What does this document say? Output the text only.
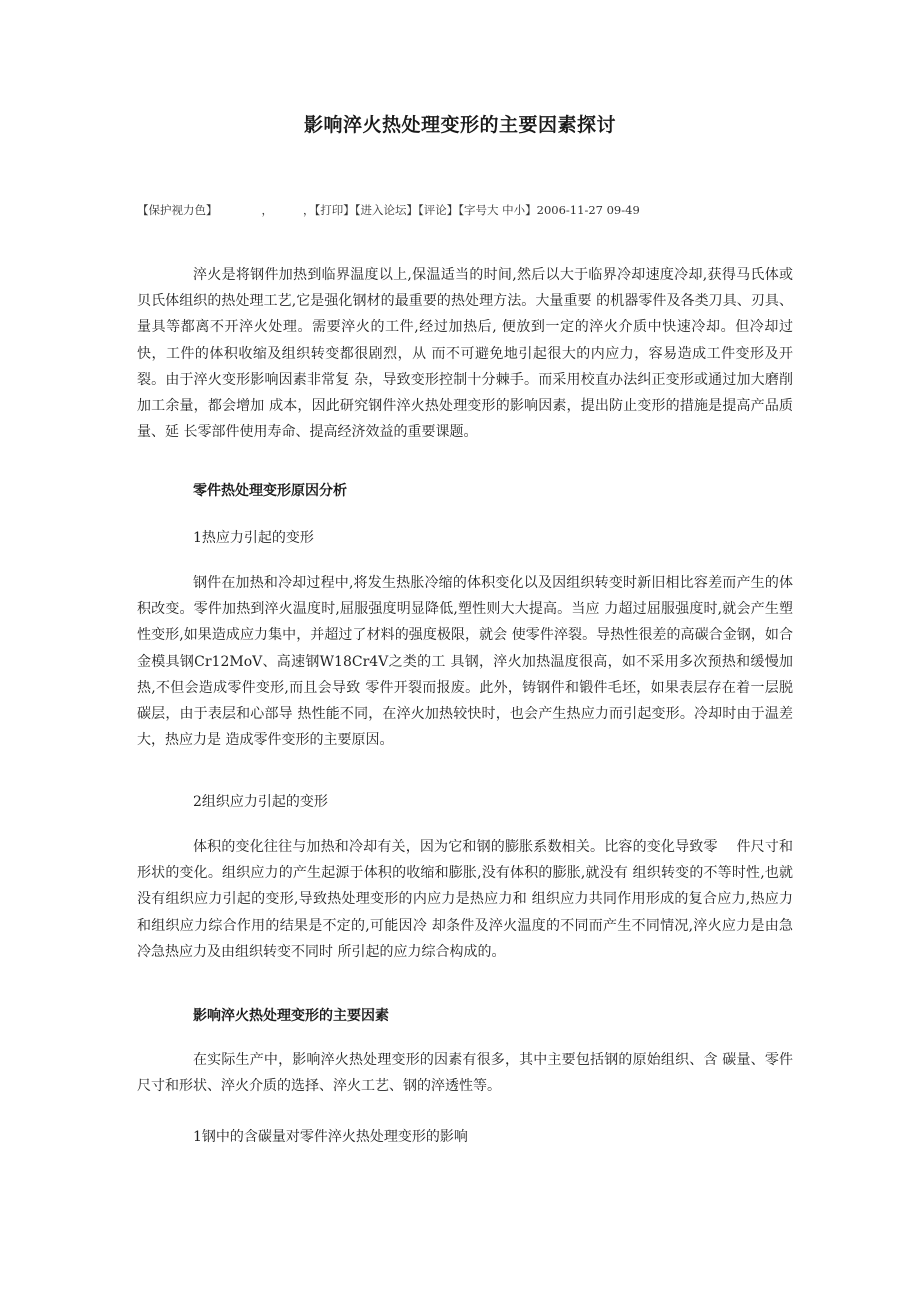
影响淬火热处理变形的主要因素探讨

【保护视力色】	，	，【打印】【进入论坛】【评论】【字号大 中小】2006-11-27 09-49

淬火是将钢件加热到临界温度以上,保温适当的时间,然后以大于临界冷却速度冷却,获得马氏体或贝氏体组织的热处理工艺,它是强化钢材的最重要的热处理方法。大量重要 的机器零件及各类刀具、刃具、量具等都离不开淬火处理。需要淬火的工件,经过加热后, 便放到一定的淬火介质中快速冷却。但冷却过快，工件的体积收缩及组织转变都很剧烈，从 而不可避免地引起很大的内应力，容易造成工件变形及开裂。由于淬火变形影响因素非常复 杂，导致变形控制十分棘手。而采用校直办法纠正变形或通过加大磨削加工余量，都会增加 成本，因此研究钢件淬火热处理变形的影响因素，提出防止变形的措施是提高产品质量、延 长零部件使用寿命、提高经济效益的重要课题。

零件热处理变形原因分析

1热应力引起的变形

钢件在加热和冷却过程中,将发生热胀冷缩的体积变化以及因组织转变时新旧相比容差而产生的体积改变。零件加热到淬火温度时,屈服强度明显降低,塑性则大大提高。当应 力超过屈服强度时,就会产生塑性变形,如果造成应力集中，并超过了材料的强度极限，就会 使零件淬裂。导热性很差的高碳合金钢，如合金模具钢Cr12MoV、高速钢W18Cr4V之类的工 具钢，淬火加热温度很高，如不采用多次预热和缓慢加热,不但会造成零件变形,而且会导致 零件开裂而报废。此外，铸钢件和锻件毛坯，如果表层存在着一层脱碳层，由于表层和心部导 热性能不同，在淬火加热较快时，也会产生热应力而引起变形。冷却时由于温差大，热应力是 造成零件变形的主要原因。

2组织应力引起的变形

体积的变化往往与加热和冷却有关，因为它和钢的膨胀系数相关。比容的变化导致零　 件尺寸和形状的变化。组织应力的产生起源于体积的收缩和膨胀,没有体积的膨胀,就没有 组织转变的不等时性,也就没有组织应力引起的变形,导致热处理变形的内应力是热应力和 组织应力共同作用形成的复合应力,热应力和组织应力综合作用的结果是不定的,可能因冷 却条件及淬火温度的不同而产生不同情况,淬火应力是由急冷急热应力及由组织转变不同时 所引起的应力综合构成的。

影响淬火热处理变形的主要因素

在实际生产中，影响淬火热处理变形的因素有很多，其中主要包括钢的原始组织、含 碳量、零件尺寸和形状、淬火介质的选择、淬火工艺、钢的淬透性等。

1钢中的含碳量对零件淬火热处理变形的影响
